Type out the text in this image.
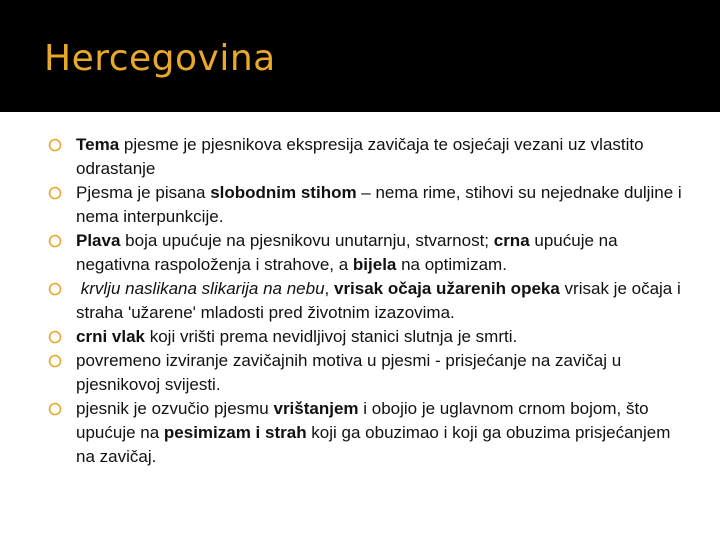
Hercegovina
Tema pjesme je pjesnikova ekspresija zavičaja te osjećaji vezani uz vlastito odrastanje
Pjesma je pisana slobodnim stihom – nema rime, stihovi su nejednake duljine i nema interpunkcije.
Plava boja upućuje na pjesnikovu unutarnju, stvarnost; crna upućuje na negativna raspoloženja i strahove, a bijela na optimizam.
krvlju naslikana slikarija na nebu, vrisak očaja užarenih opeka vrisak je očaja i straha 'užarene' mladosti pred životnim izazovima.
crni vlak koji vrišti prema nevidljivoj stanici slutnja je smrti.
povremeno izviranje zavičajnih motiva u pjesmi - prisjećanje na zavičaj u pjesnikovoj svijesti.
pjesnik je ozvučio pjesmu vrištanjem i obojio je uglavnom crnom bojom, što upućuje na pesimizam i strah koji ga obuzimao i koji ga obuzima prisjećanjem na zavičaj.
